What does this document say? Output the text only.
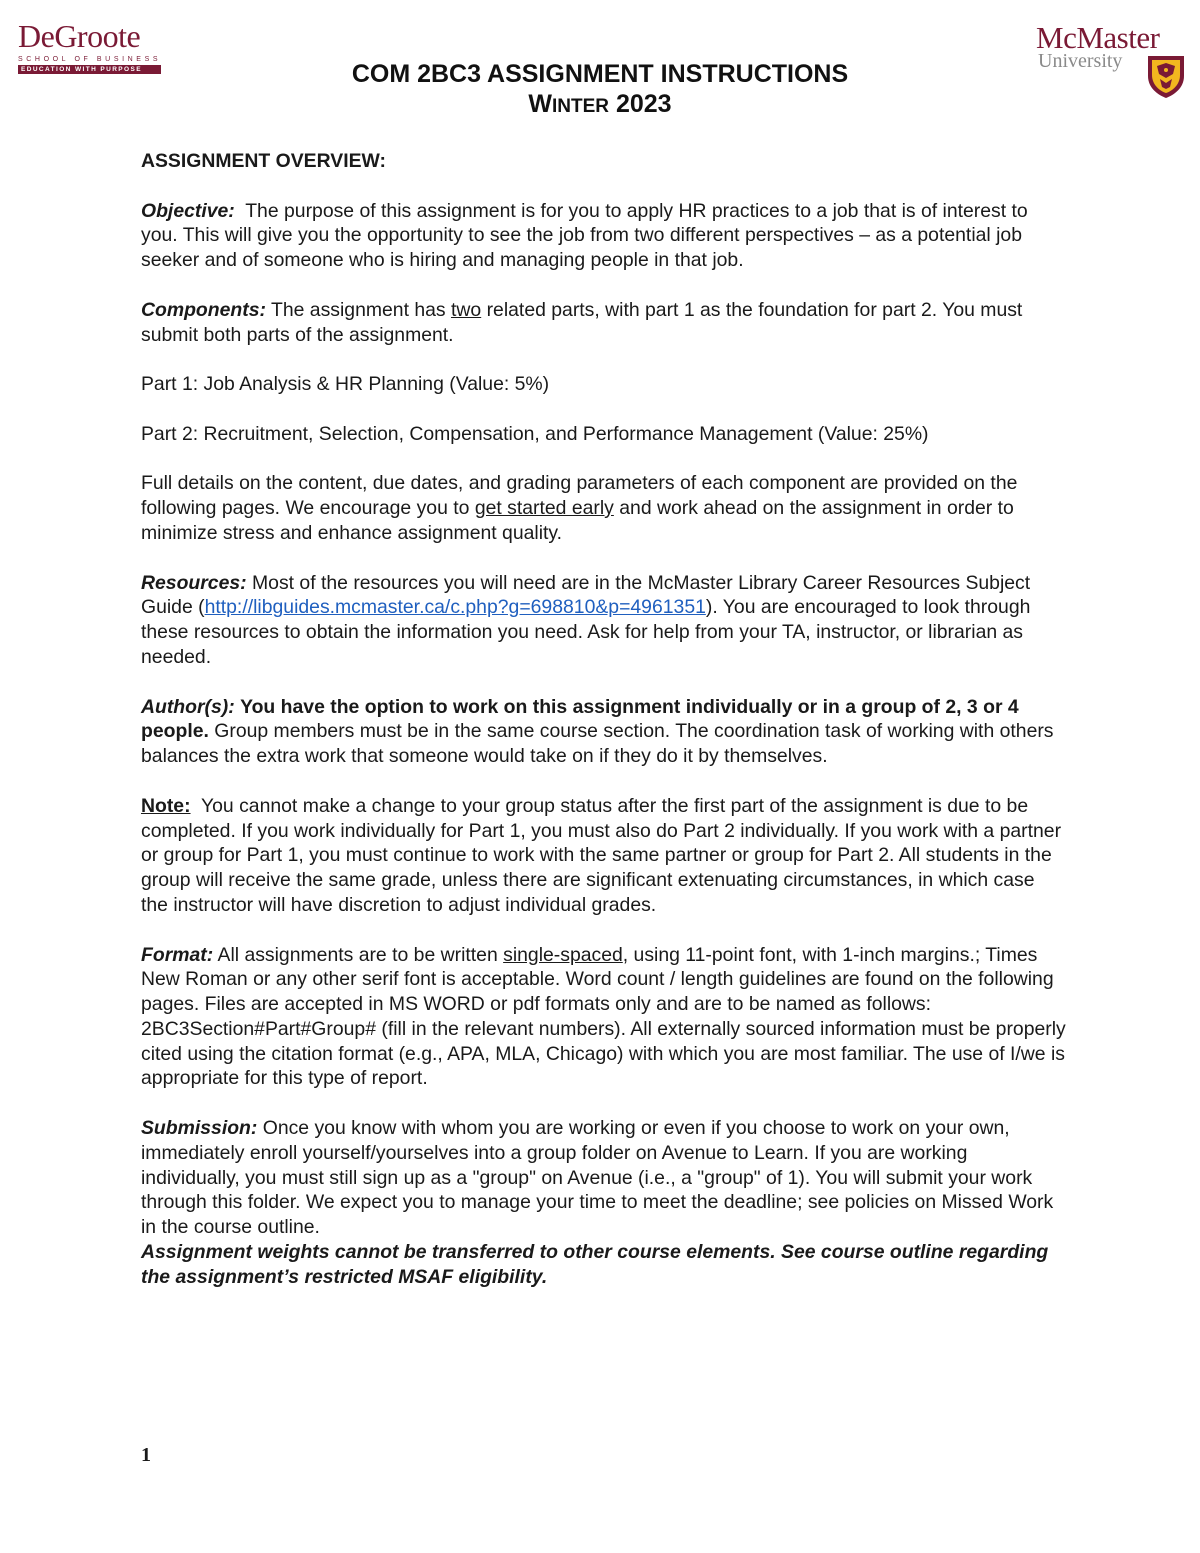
DeGroote
SCHOOL OF BUSINESS
EDUCATION WITH PURPOSE
McMaster
University
COM 2BC3 ASSIGNMENT INSTRUCTIONS
WINTER 2023

ASSIGNMENT OVERVIEW:

Objective: The purpose of this assignment is for you to apply HR practices to a job that is of interest to you. This will give you the opportunity to see the job from two different perspectives – as a potential job seeker and of someone who is hiring and managing people in that job.

Components: The assignment has two related parts, with part 1 as the foundation for part 2. You must submit both parts of the assignment.

Part 1: Job Analysis & HR Planning (Value: 5%)

Part 2: Recruitment, Selection, Compensation, and Performance Management (Value: 25%)

Full details on the content, due dates, and grading parameters of each component are provided on the following pages. We encourage you to get started early and work ahead on the assignment in order to minimize stress and enhance assignment quality.

Resources: Most of the resources you will need are in the McMaster Library Career Resources Subject Guide (http://libguides.mcmaster.ca/c.php?g=698810&p=4961351). You are encouraged to look through these resources to obtain the information you need. Ask for help from your TA, instructor, or librarian as needed.

Author(s): You have the option to work on this assignment individually or in a group of 2, 3 or 4 people. Group members must be in the same course section. The coordination task of working with others balances the extra work that someone would take on if they do it by themselves.

Note: You cannot make a change to your group status after the first part of the assignment is due to be completed. If you work individually for Part 1, you must also do Part 2 individually. If you work with a partner or group for Part 1, you must continue to work with the same partner or group for Part 2. All students in the group will receive the same grade, unless there are significant extenuating circumstances, in which case the instructor will have discretion to adjust individual grades.

Format: All assignments are to be written single-spaced, using 11-point font, with 1-inch margins.; Times New Roman or any other serif font is acceptable. Word count / length guidelines are found on the following pages. Files are accepted in MS WORD or pdf formats only and are to be named as follows: 2BC3Section#Part#Group# (fill in the relevant numbers). All externally sourced information must be properly cited using the citation format (e.g., APA, MLA, Chicago) with which you are most familiar. The use of I/we is appropriate for this type of report.

Submission: Once you know with whom you are working or even if you choose to work on your own, immediately enroll yourself/yourselves into a group folder on Avenue to Learn. If you are working individually, you must still sign up as a "group" on Avenue (i.e., a "group" of 1). You will submit your work through this folder. We expect you to manage your time to meet the deadline; see policies on Missed Work in the course outline.

Assignment weights cannot be transferred to other course elements. See course outline regarding the assignment’s restricted MSAF eligibility.

1
